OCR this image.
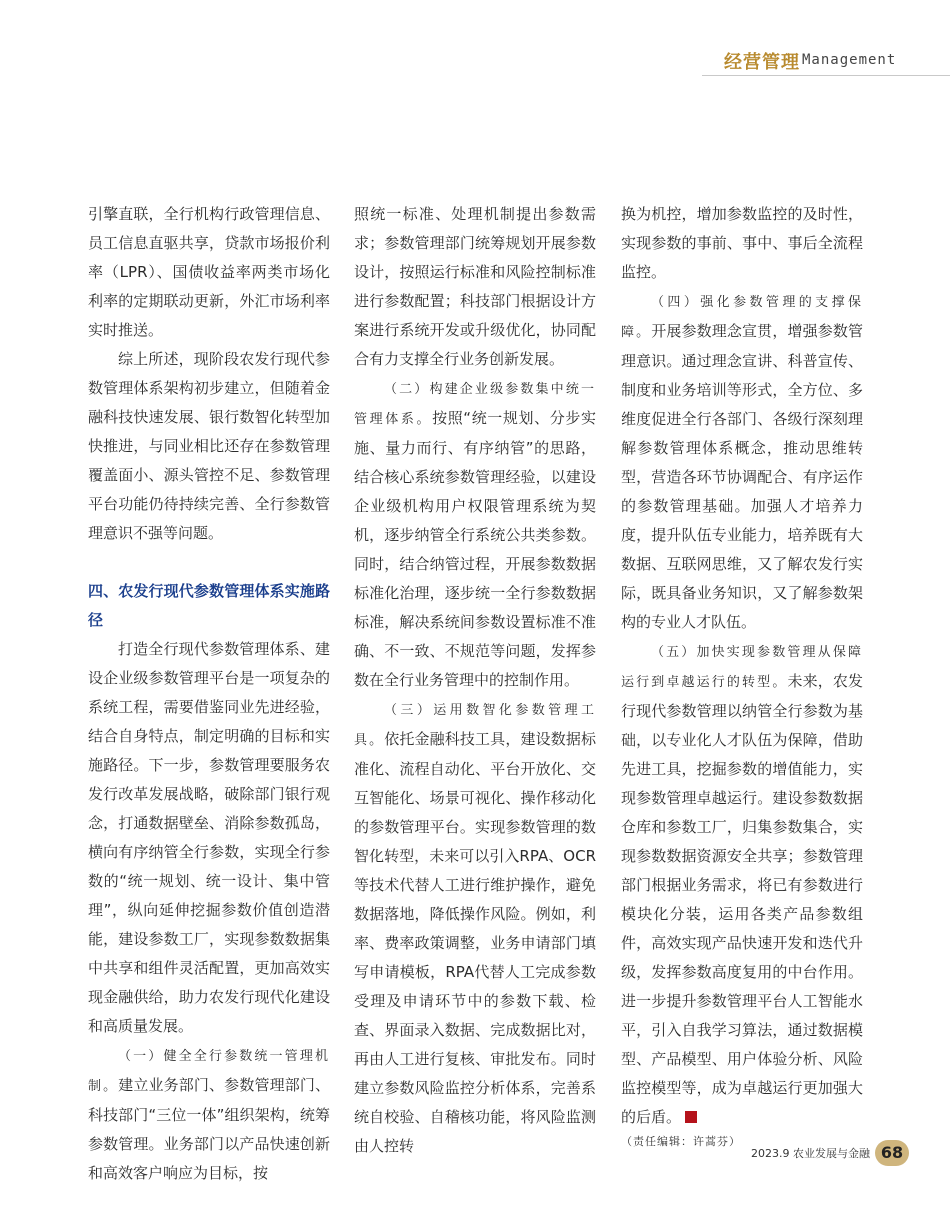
经营管理 Management

引擎直联，全行机构行政管理信息、员工信息直驱共享，贷款市场报价利率（LPR）、国债收益率两类市场化利率的定期联动更新，外汇市场利率实时推送。

综上所述，现阶段农发行现代参数管理体系架构初步建立，但随着金融科技快速发展、银行数智化转型加快推进，与同业相比还存在参数管理覆盖面小、源头管控不足、参数管理平台功能仍待持续完善、全行参数管理意识不强等问题。

四、农发行现代参数管理体系实施路径

打造全行现代参数管理体系、建设企业级参数管理平台是一项复杂的系统工程，需要借鉴同业先进经验，结合自身特点，制定明确的目标和实施路径。下一步，参数管理要服务农发行改革发展战略，破除部门银行观念，打通数据壁垒、消除参数孤岛，横向有序纳管全行参数，实现全行参数的“统一规划、统一设计、集中管理”，纵向延伸挖掘参数价值创造潜能，建设参数工厂，实现参数数据集中共享和组件灵活配置，更加高效实现金融供给，助力农发行现代化建设和高质量发展。

（一）健全全行参数统一管理机制。建立业务部门、参数管理部门、科技部门“三位一体”组织架构，统筹参数管理。业务部门以产品快速创新和高效客户响应为目标，按

照统一标准、处理机制提出参数需求；参数管理部门统筹规划开展参数设计，按照运行标准和风险控制标准进行参数配置；科技部门根据设计方案进行系统开发或升级优化，协同配合有力支撑全行业务创新发展。

（二）构建企业级参数集中统一管理体系。按照“统一规划、分步实施、量力而行、有序纳管”的思路，结合核心系统参数管理经验，以建设企业级机构用户权限管理系统为契机，逐步纳管全行系统公共类参数。同时，结合纳管过程，开展参数数据标准化治理，逐步统一全行参数数据标准，解决系统间参数设置标准不准确、不一致、不规范等问题，发挥参数在全行业务管理中的控制作用。

（三）运用数智化参数管理工具。依托金融科技工具，建设数据标准化、流程自动化、平台开放化、交互智能化、场景可视化、操作移动化的参数管理平台。实现参数管理的数智化转型，未来可以引入RPA、OCR等技术代替人工进行维护操作，避免数据落地，降低操作风险。例如，利率、费率政策调整，业务申请部门填写申请模板，RPA代替人工完成参数受理及申请环节中的参数下载、检查、界面录入数据、完成数据比对，再由人工进行复核、审批发布。同时建立参数风险监控分析体系，完善系统自校验、自稽核功能，将风险监测由人控转

换为机控，增加参数监控的及时性，实现参数的事前、事中、事后全流程监控。

（四）强化参数管理的支撑保障。开展参数理念宣贯，增强参数管理意识。通过理念宣讲、科普宣传、制度和业务培训等形式，全方位、多维度促进全行各部门、各级行深刻理解参数管理体系概念，推动思维转型，营造各环节协调配合、有序运作的参数管理基础。加强人才培养力度，提升队伍专业能力，培养既有大数据、互联网思维，又了解农发行实际，既具备业务知识，又了解参数架构的专业人才队伍。

（五）加快实现参数管理从保障运行到卓越运行的转型。未来，农发行现代参数管理以纳管全行参数为基础，以专业化人才队伍为保障，借助先进工具，挖掘参数的增值能力，实现参数管理卓越运行。建设参数数据仓库和参数工厂，归集参数集合，实现参数数据资源安全共享；参数管理部门根据业务需求，将已有参数进行模块化分装，运用各类产品参数组件，高效实现产品快速开发和迭代升级，发挥参数高度复用的中台作用。进一步提升参数管理平台人工智能水平，引入自我学习算法，通过数据模型、产品模型、用户体验分析、风险监控模型等，成为卓越运行更加强大的后盾。

（责任编辑：许蒿芬）

2023.9 农业发展与金融 68
